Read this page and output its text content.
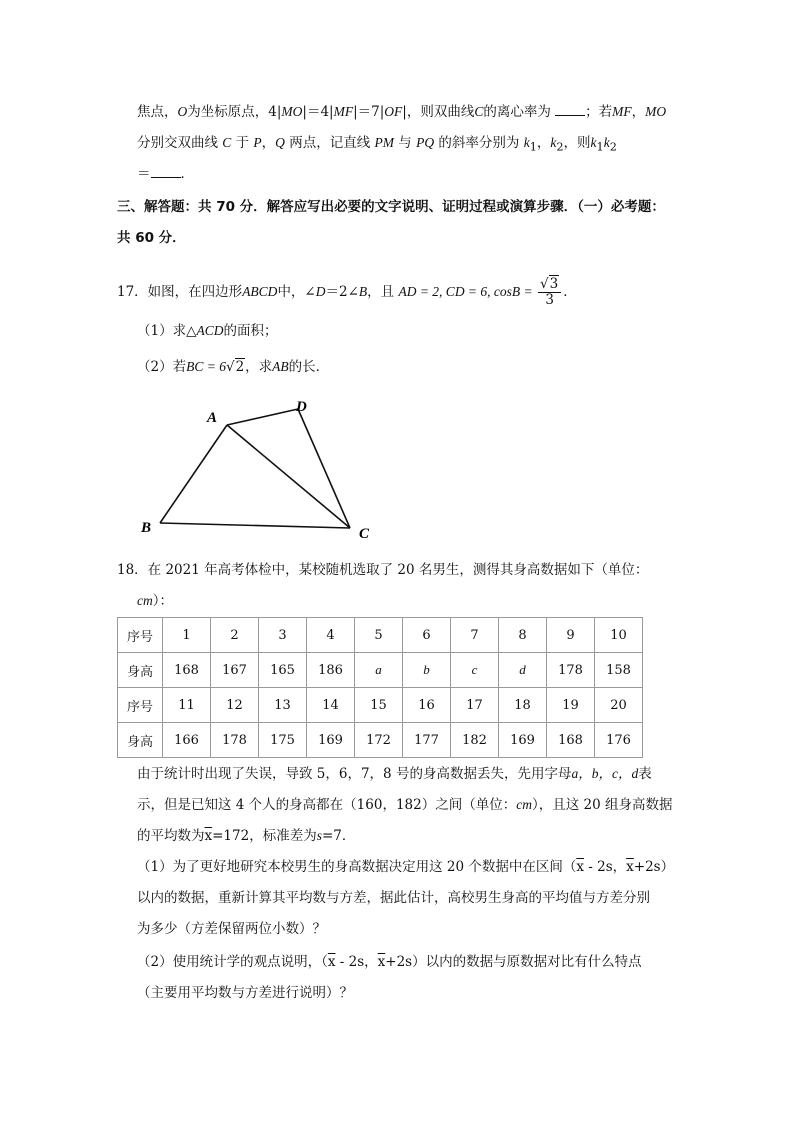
焦点，O为坐标原点，4|MO|＝4|MF|＝7|OF|，则双曲线C的离心率为	；若MF，MO
分别交双曲线 C 于 P，Q 两点，记直线 PM 与 PQ 的斜率分别为 $k_1$，$k_2$，则$k_1k_2$
＝ ．
三、解答题：共 70 分．解答应写出必要的文字说明、证明过程或演算步骤．（一）必考题：
共 60 分．
17．如图，在四边形ABCD中，∠D＝2∠B，且 AD = 2, CD = 6, $\cos B = \frac{√3}{3}$ ．
（1）求△ACD的面积；
（2）若BC = 6√2，求AB的长．
A
D
B	C
18．在 2021 年高考体检中，某校随机选取了 20 名男生，测得其身高数据如下（单位：
cm）：
序号	1	2	3	4	5	6	7	8	9	10
身高	168	167	165	186	a	b	c	d	178	158
序号	11	12	13	14	15	16	17	18	19	20
身高	166	178	175	169	172	177	182	169	168	176
由于统计时出现了失误，导致 5，6，7，8 号的身高数据丢失，先用字母a，b，c，d表
示，但是已知这 4 个人的身高都在（160，182）之间（单位：cm），且这 20 组身高数据
的平均数为$\overline{x}=172$，标准差为s=7．
（1）为了更好地研究本校男生的身高数据决定用这 20 个数据中在区间（$\overline{x} - 2s$，$\overline{x}+2s$）
以内的数据，重新计算其平均数与方差，据此估计，高校男生身高的平均值与方差分别
为多少（方差保留两位小数）？
（2）使用统计学的观点说明，（$\overline{x} - 2s$，$\overline{x}+2s$）以内的数据与原数据对比有什么特点
（主要用平均数与方差进行说明）？
